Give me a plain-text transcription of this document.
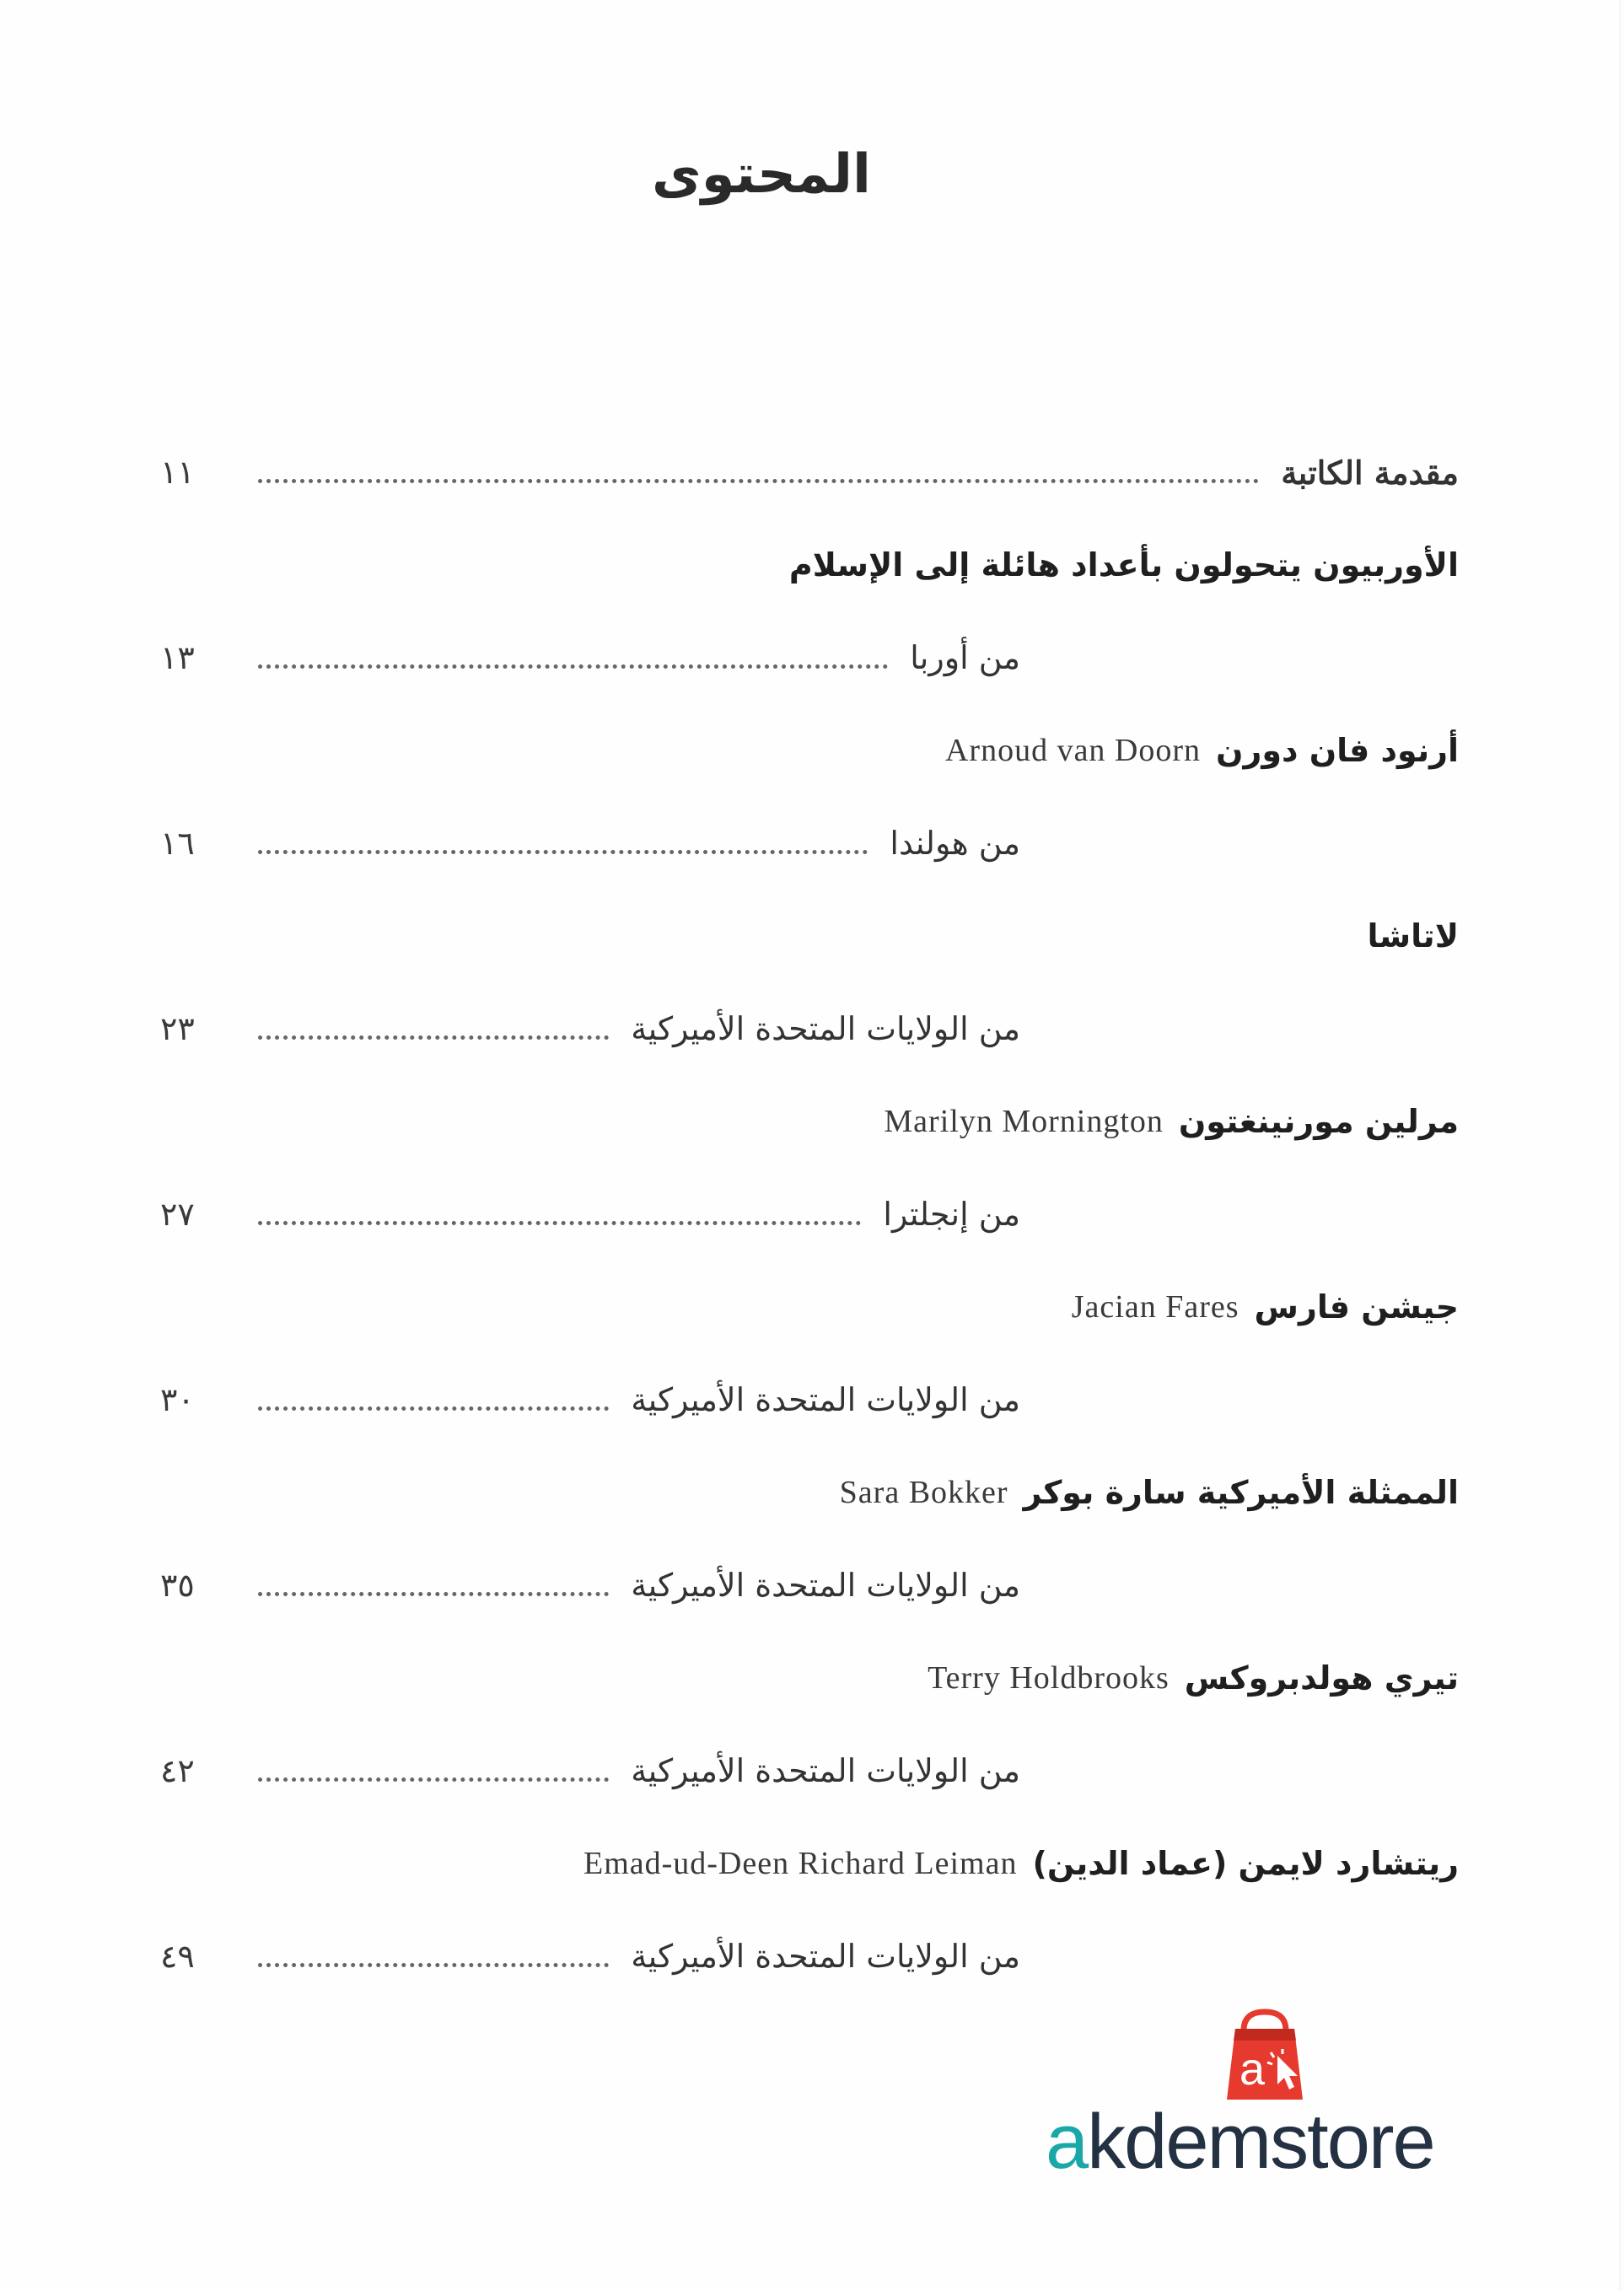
المحتوى
مقدمة الكاتبة
١١
الأوربيون يتحولون بأعداد هائلة إلى الإسلام
من أوربا
١٣
أرنود فان دورن
Arnoud van Doorn
من هولندا
١٦
لاتاشا
من الولايات المتحدة الأميركية
٢٣
مرلين مورنينغتون
Marilyn Mornington
من إنجلترا
٢٧
جيشن فارس
Jacian Fares
من الولايات المتحدة الأميركية
٣٠
الممثلة الأميركية سارة بوكر
Sara Bokker
من الولايات المتحدة الأميركية
٣٥
تيري هولدبروكس
Terry Holdbrooks
من الولايات المتحدة الأميركية
٤٢
ريتشارد لايمن (عماد الدين)
Emad-ud-Deen Richard Leiman
من الولايات المتحدة الأميركية
٤٩
a
akdemstore
